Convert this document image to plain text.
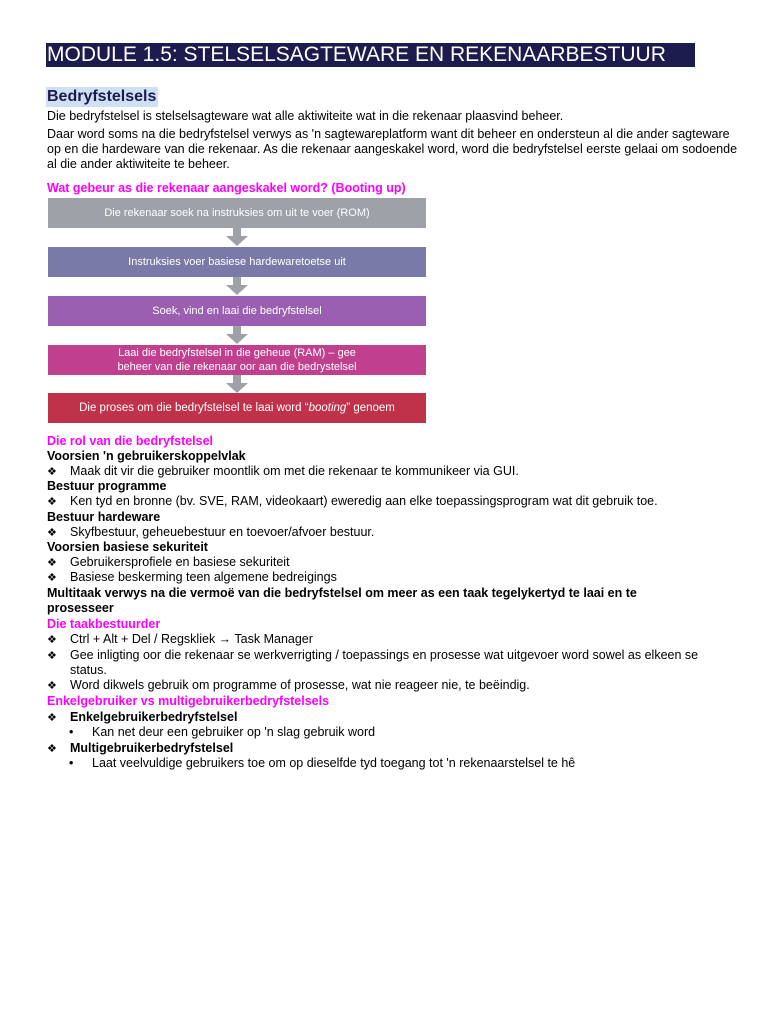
MODULE 1.5: STELSELSAGTEWARE EN REKENAARBESTUUR
Bedryfstelsels

Die bedryfstelsel is stelselsagteware wat alle aktiwiteite wat in die rekenaar plaasvind beheer.

Daar word soms na die bedryfstelsel verwys as 'n sagtewareplatform want dit beheer en ondersteun al die ander sagteware op en die hardeware van die rekenaar. As die rekenaar aangeskakel word, word die bedryfstelsel eerste gelaai om sodoende al die ander aktiwiteite te beheer.

Wat gebeur as die rekenaar aangeskakel word? (Booting up)
Die rekenaar soek na instruksies om uit te voer (ROM)
Instruksies voer basiese hardewaretoetse uit
Soek, vind en laai die bedryfstelsel
Laai die bedryfstelsel in die geheue (RAM) – gee beheer van die rekenaar oor aan die bedrystelsel
Die proses om die bedryfstelsel te laai word “booting” genoem
Die rol van die bedryfstelsel
Voorsien 'n gebruikerskoppelvlak
❖ Maak dit vir die gebruiker moontlik om met die rekenaar te kommunikeer via GUI.
Bestuur programme
❖ Ken tyd en bronne (bv. SVE, RAM, videokaart) eweredig aan elke toepassingsprogram wat dit gebruik toe.
Bestuur hardeware
❖ Skyfbestuur, geheuebestuur en toevoer/afvoer bestuur.
Voorsien basiese sekuriteit
❖ Gebruikersprofiele en basiese sekuriteit
❖ Basiese beskerming teen algemene bedreigings
Multitaak verwys na die vermoë van die bedryfstelsel om meer as een taak tegelykertyd te laai en te prosesseer
Die taakbestuurder
❖ Ctrl + Alt + Del / Regskliek → Task Manager
❖ Gee inligting oor die rekenaar se werkverrigting / toepassings en prosesse wat uitgevoer word sowel as elkeen se status.
❖ Word dikwels gebruik om programme of prosesse, wat nie reageer nie, te beëindig.
Enkelgebruiker vs multigebruikerbedryfstelsels
❖ Enkelgebruikerbedryfstelsel
• Kan net deur een gebruiker op 'n slag gebruik word
❖ Multigebruikerbedryfstelsel
• Laat veelvuldige gebruikers toe om op dieselfde tyd toegang tot 'n rekenaarstelsel te hê
